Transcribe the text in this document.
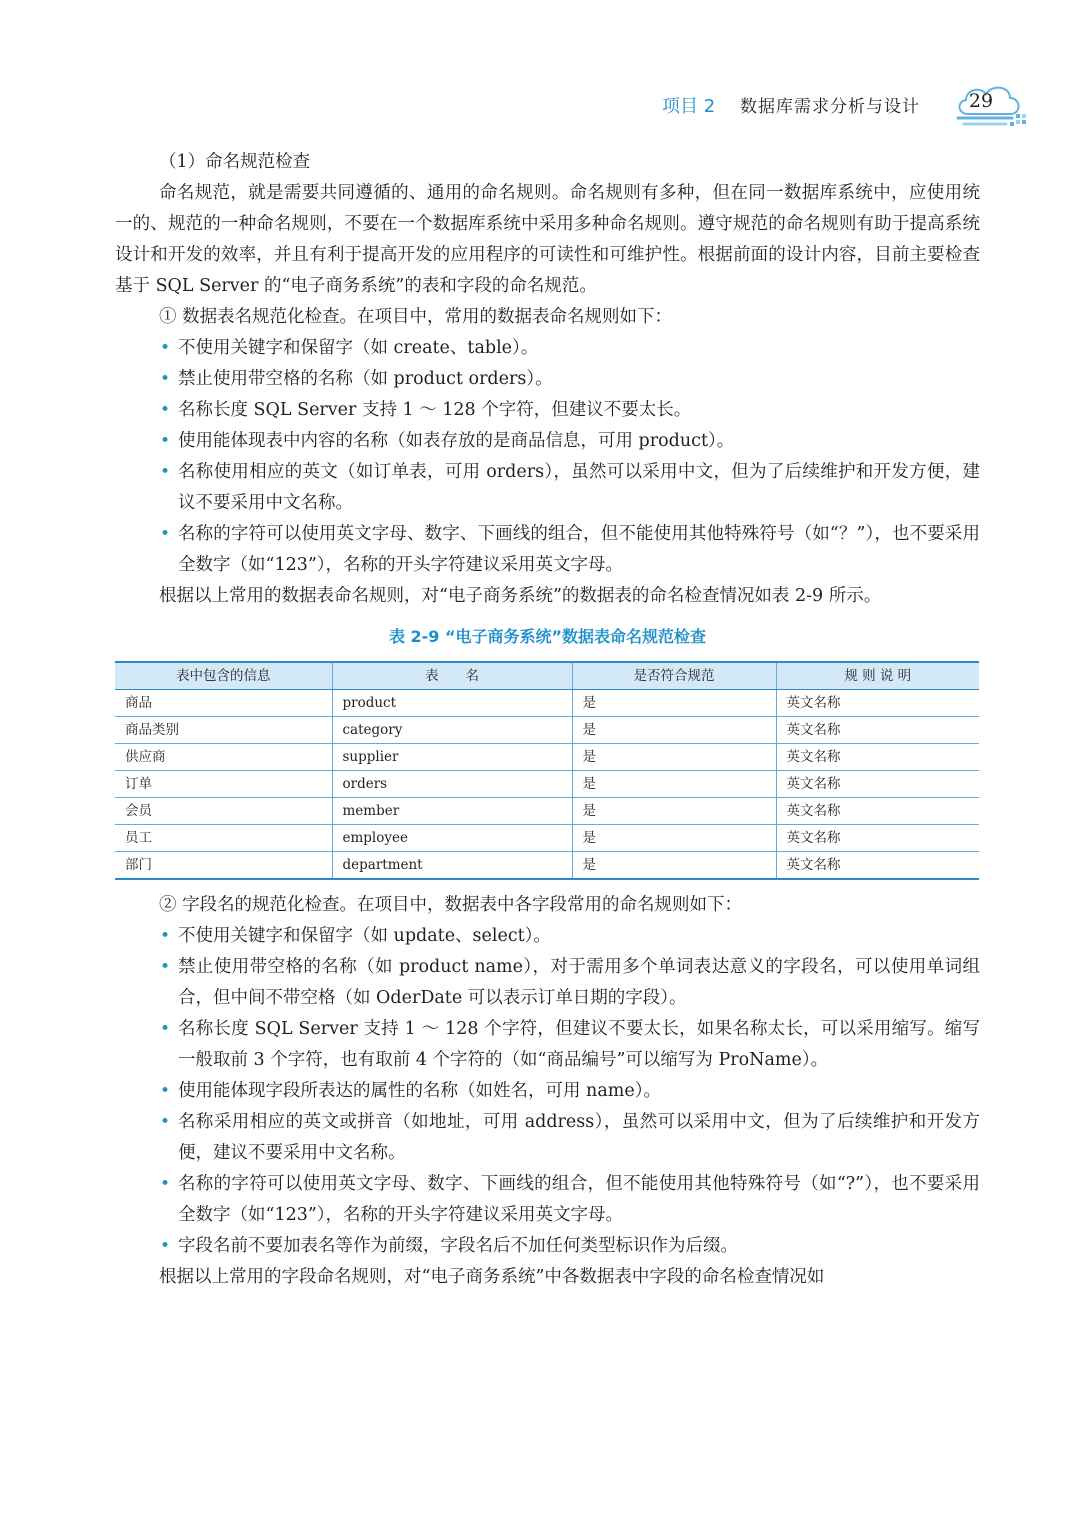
项目 2 数据库需求分析与设计	29
（1）命名规范检查
命名规范，就是需要共同遵循的、通用的命名规则。命名规则有多种，但在同一数据库系统中，应使用统一的、规范的一种命名规则，不要在一个数据库系统中采用多种命名规则。遵守规范的命名规则有助于提高系统设计和开发的效率，并且有利于提高开发的应用程序的可读性和可维护性。根据前面的设计内容，目前主要检查基于 SQL Server 的“电子商务系统”的表和字段的命名规范。
① 数据表名规范化检查。在项目中，常用的数据表命名规则如下：
• 不使用关键字和保留字（如 create、table）。
• 禁止使用带空格的名称（如 product orders）。
• 名称长度 SQL Server 支持 1 ～ 128 个字符，但建议不要太长。
• 使用能体现表中内容的名称（如表存放的是商品信息，可用 product）。
• 名称使用相应的英文（如订单表，可用 orders），虽然可以采用中文，但为了后续维护和开发方便，建议不要采用中文名称。
• 名称的字符可以使用英文字母、数字、下画线的组合，但不能使用其他特殊符号（如“？”），也不要采用全数字（如“123”），名称的开头字符建议采用英文字母。
根据以上常用的数据表命名规则，对“电子商务系统”的数据表的命名检查情况如表 2-9 所示。
表 2-9 “电子商务系统”数据表命名规范检查
表中包含的信息	表　　名	是否符合规范	规 则 说 明
商品	product	是	英文名称
商品类别	category	是	英文名称
供应商	supplier	是	英文名称
订单	orders	是	英文名称
会员	member	是	英文名称
员工	employee	是	英文名称
部门	department	是	英文名称
② 字段名的规范化检查。在项目中，数据表中各字段常用的命名规则如下：
• 不使用关键字和保留字（如 update、select）。
• 禁止使用带空格的名称（如 product name），对于需用多个单词表达意义的字段名，可以使用单词组合，但中间不带空格（如 OderDate 可以表示订单日期的字段）。
• 名称长度 SQL Server 支持 1 ～ 128 个字符，但建议不要太长，如果名称太长，可以采用缩写。缩写一般取前 3 个字符，也有取前 4 个字符的（如“商品编号”可以缩写为 ProName）。
• 使用能体现字段所表达的属性的名称（如姓名，可用 name）。
• 名称采用相应的英文或拼音（如地址，可用 address），虽然可以采用中文，但为了后续维护和开发方便，建议不要采用中文名称。
• 名称的字符可以使用英文字母、数字、下画线的组合，但不能使用其他特殊符号（如“?”），也不要采用全数字（如“123”），名称的开头字符建议采用英文字母。
• 字段名前不要加表名等作为前缀，字段名后不加任何类型标识作为后缀。
根据以上常用的字段命名规则，对“电子商务系统”中各数据表中字段的命名检查情况如
